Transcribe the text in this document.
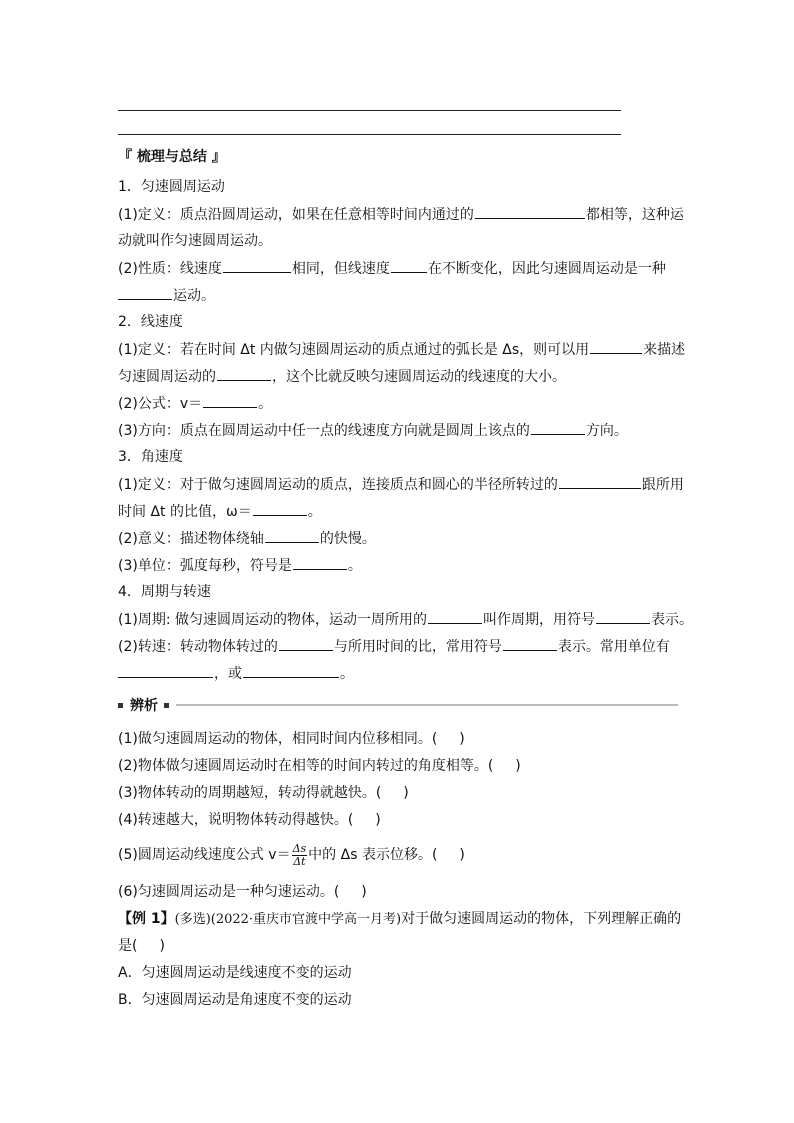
『 梳理与总结 』
1．匀速圆周运动
(1)定义：质点沿圆周运动，如果在任意相等时间内通过的	都相等，这种运
动就叫作匀速圆周运动。
(2)性质：线速度	相同，但线速度	在不断变化，因此匀速圆周运动是一种
运动。
2．线速度
(1)定义：若在时间 Δt 内做匀速圆周运动的质点通过的弧长是 Δs，则可以用	来描述
匀速圆周运动的	，这个比就反映匀速圆周运动的线速度的大小。
(2)公式：v＝	。
(3)方向：质点在圆周运动中任一点的线速度方向就是圆周上该点的	方向。
3．角速度
(1)定义：对于做匀速圆周运动的质点，连接质点和圆心的半径所转过的	跟所用
时间 Δt 的比值，ω＝	。
(2)意义：描述物体绕轴	的快慢。
(3)单位：弧度每秒，符号是	。
4．周期与转速
(1)周期: 做匀速圆周运动的物体，运动一周所用的	叫作周期，用符号	表示。
(2)转速：转动物体转过的	与所用时间的比，常用符号	表示。常用单位有
，或	。
辨析
(1)做匀速圆周运动的物体，相同时间内位移相同。( )
(2)物体做匀速圆周运动时在相等的时间内转过的角度相等。( )
(3)物体转动的周期越短，转动得就越快。( )
(4)转速越大，说明物体转动得越快。( )
(5)圆周运动线速度公式 $v= \frac{\Delta s}{\Delta t}$ 中的 Δs 表示位移。( )
(6)匀速圆周运动是一种匀速运动。( )
【例 1】(多选)(2022·重庆市官渡中学高一月考)对于做匀速圆周运动的物体，下列理解正确的
是( )
A．匀速圆周运动是线速度不变的运动
B．匀速圆周运动是角速度不变的运动
